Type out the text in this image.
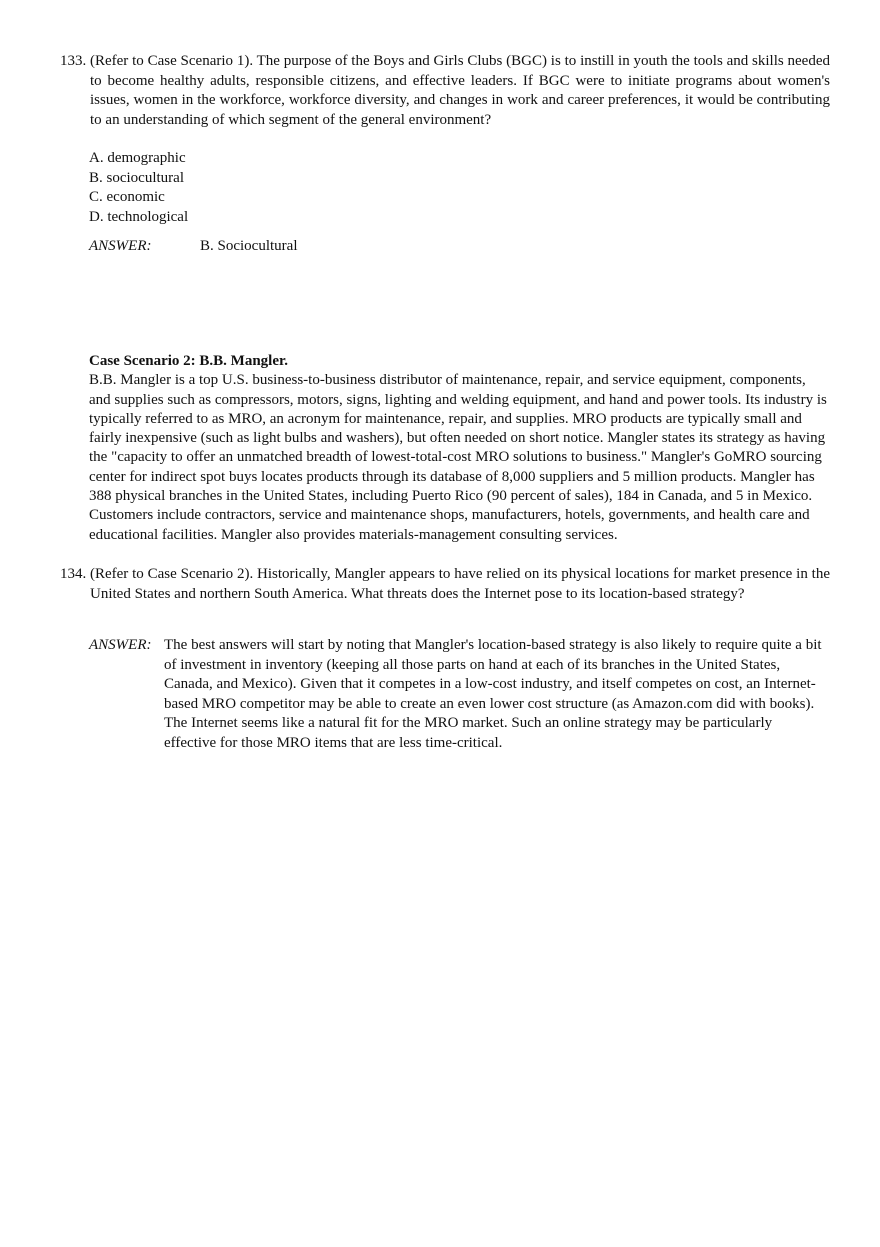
133. (Refer to Case Scenario 1). The purpose of the Boys and Girls Clubs (BGC) is to instill in youth the tools and skills needed to become healthy adults, responsible citizens, and effective leaders. If BGC were to initiate programs about women's issues, women in the workforce, workforce diversity, and changes in work and career preferences, it would be contributing to an understanding of which segment of the general environment?
A. demographic
B. sociocultural
C. economic
D. technological
ANSWER:	B. Sociocultural
Case Scenario 2: B.B. Mangler.
B.B. Mangler is a top U.S. business-to-business distributor of maintenance, repair, and service equipment, components, and supplies such as compressors, motors, signs, lighting and welding equipment, and hand and power tools. Its industry is typically referred to as MRO, an acronym for maintenance, repair, and supplies. MRO products are typically small and fairly inexpensive (such as light bulbs and washers), but often needed on short notice. Mangler states its strategy as having the "capacity to offer an unmatched breadth of lowest-total-cost MRO solutions to business." Mangler's GoMRO sourcing center for indirect spot buys locates products through its database of 8,000 suppliers and 5 million products. Mangler has 388 physical branches in the United States, including Puerto Rico (90 percent of sales), 184 in Canada, and 5 in Mexico. Customers include contractors, service and maintenance shops, manufacturers, hotels, governments, and health care and educational facilities. Mangler also provides materials-management consulting services.
134. (Refer to Case Scenario 2). Historically, Mangler appears to have relied on its physical locations for market presence in the United States and northern South America. What threats does the Internet pose to its location-based strategy?
ANSWER: The best answers will start by noting that Mangler's location-based strategy is also likely to require quite a bit of investment in inventory (keeping all those parts on hand at each of its branches in the United States, Canada, and Mexico). Given that it competes in a low-cost industry, and itself competes on cost, an Internet-based MRO competitor may be able to create an even lower cost structure (as Amazon.com did with books). The Internet seems like a natural fit for the MRO market. Such an online strategy may be particularly effective for those MRO items that are less time-critical.
